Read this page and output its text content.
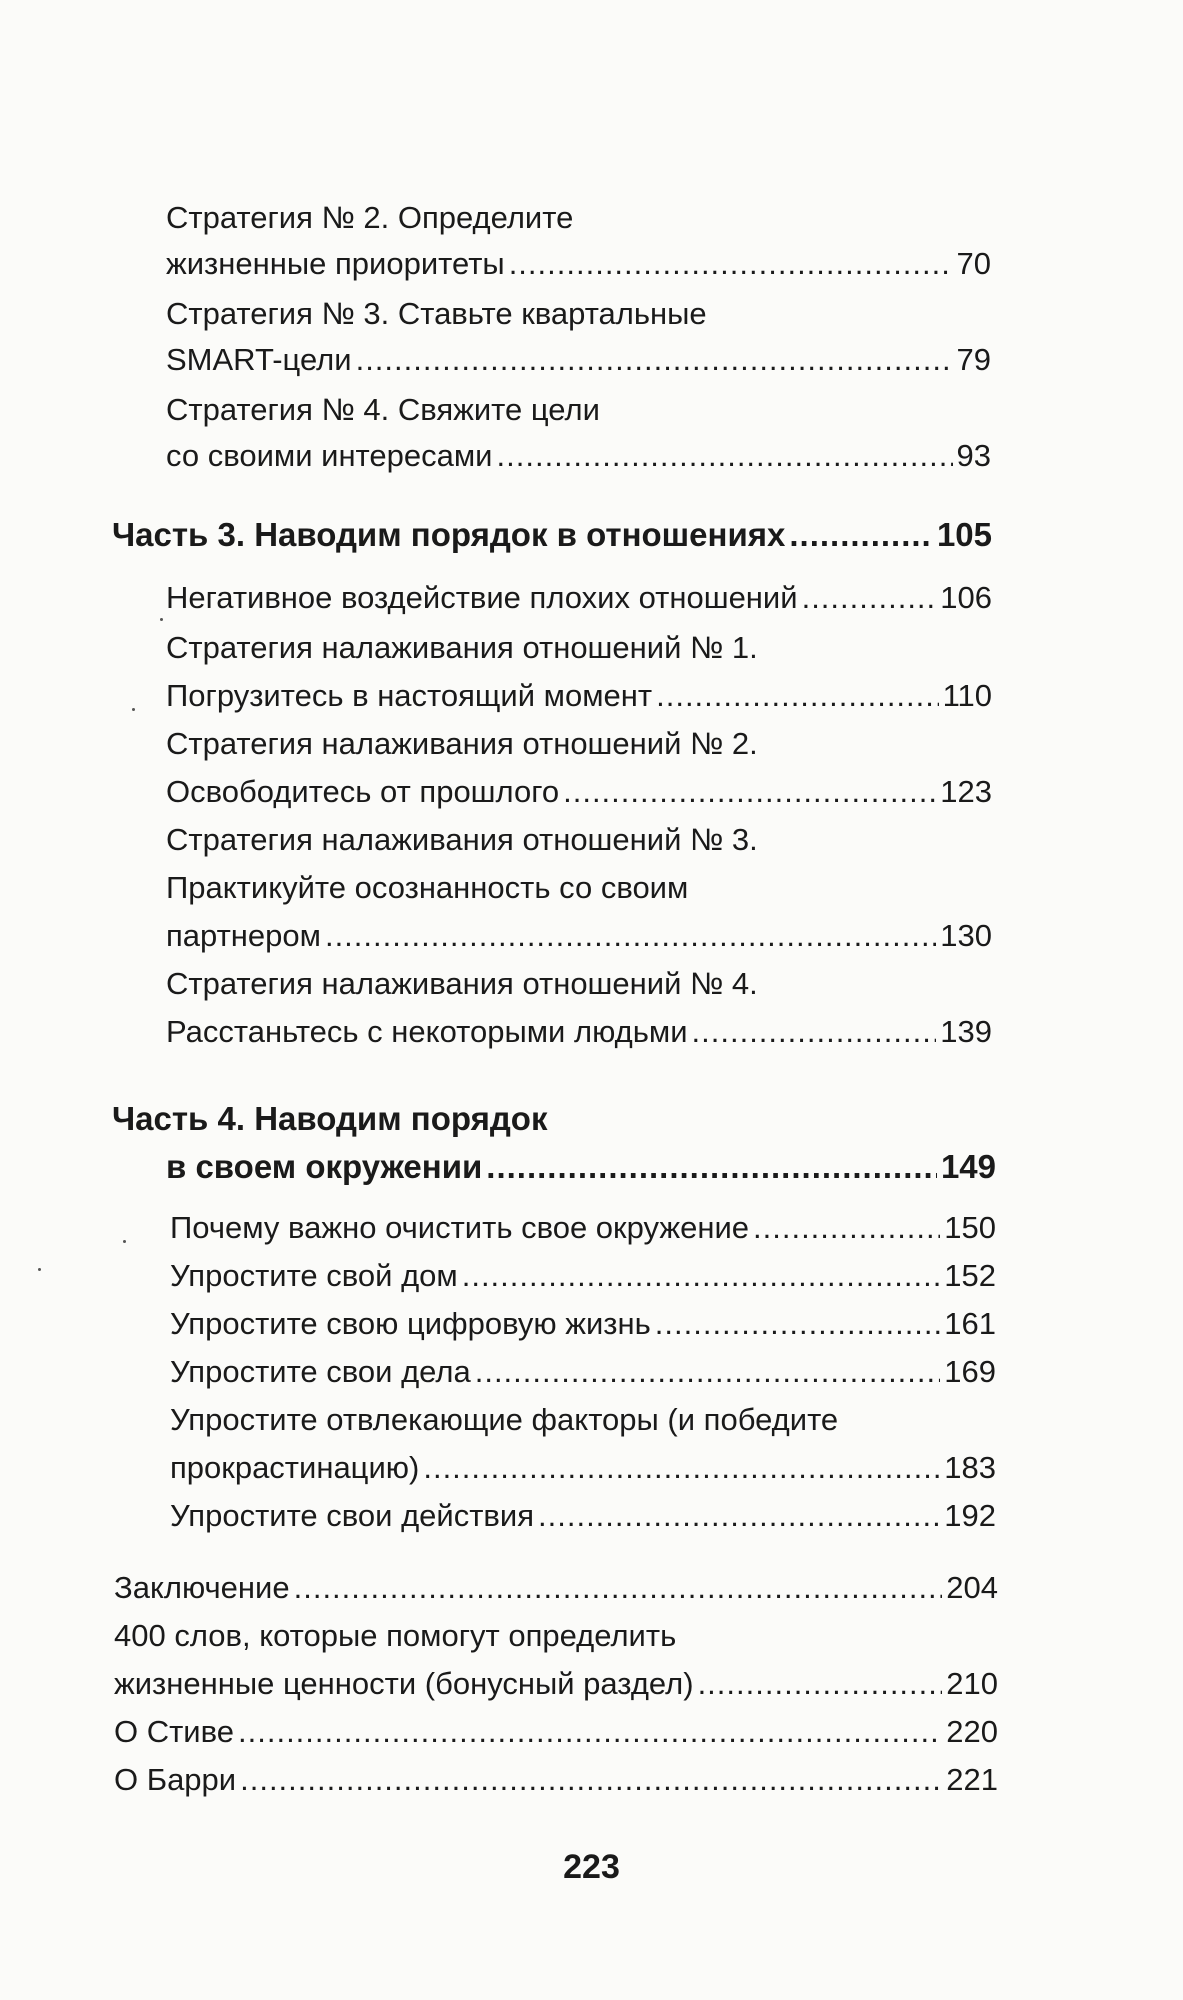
Стратегия № 2. Определите
жизненные приоритеты .....	70
Стратегия № 3. Ставьте квартальные
SMART-цели .....	79
Стратегия № 4. Свяжите цели
со своими интересами .....	93
Часть 3. Наводим порядок в отношениях .....	105
Негативное воздействие плохих отношений .....	106
Стратегия налаживания отношений № 1.
Погрузитесь в настоящий момент .....	110
Стратегия налаживания отношений № 2.
Освободитесь от прошлого .....	123
Стратегия налаживания отношений № 3.
Практикуйте осознанность со своим
партнером .....	130
Стратегия налаживания отношений № 4.
Расстаньтесь с некоторыми людьми .....	139
Часть 4. Наводим порядок
в своем окружении .....	149
Почему важно очистить свое окружение .....	150
Упростите свой дом .....	152
Упростите свою цифровую жизнь .....	161
Упростите свои дела .....	169
Упростите отвлекающие факторы (и победите
прокрастинацию) .....	183
Упростите свои действия .....	192
Заключение .....	204
400 слов, которые помогут определить
жизненные ценности (бонусный раздел) .....	210
О Стиве .....	220
О Барри .....	221
223
